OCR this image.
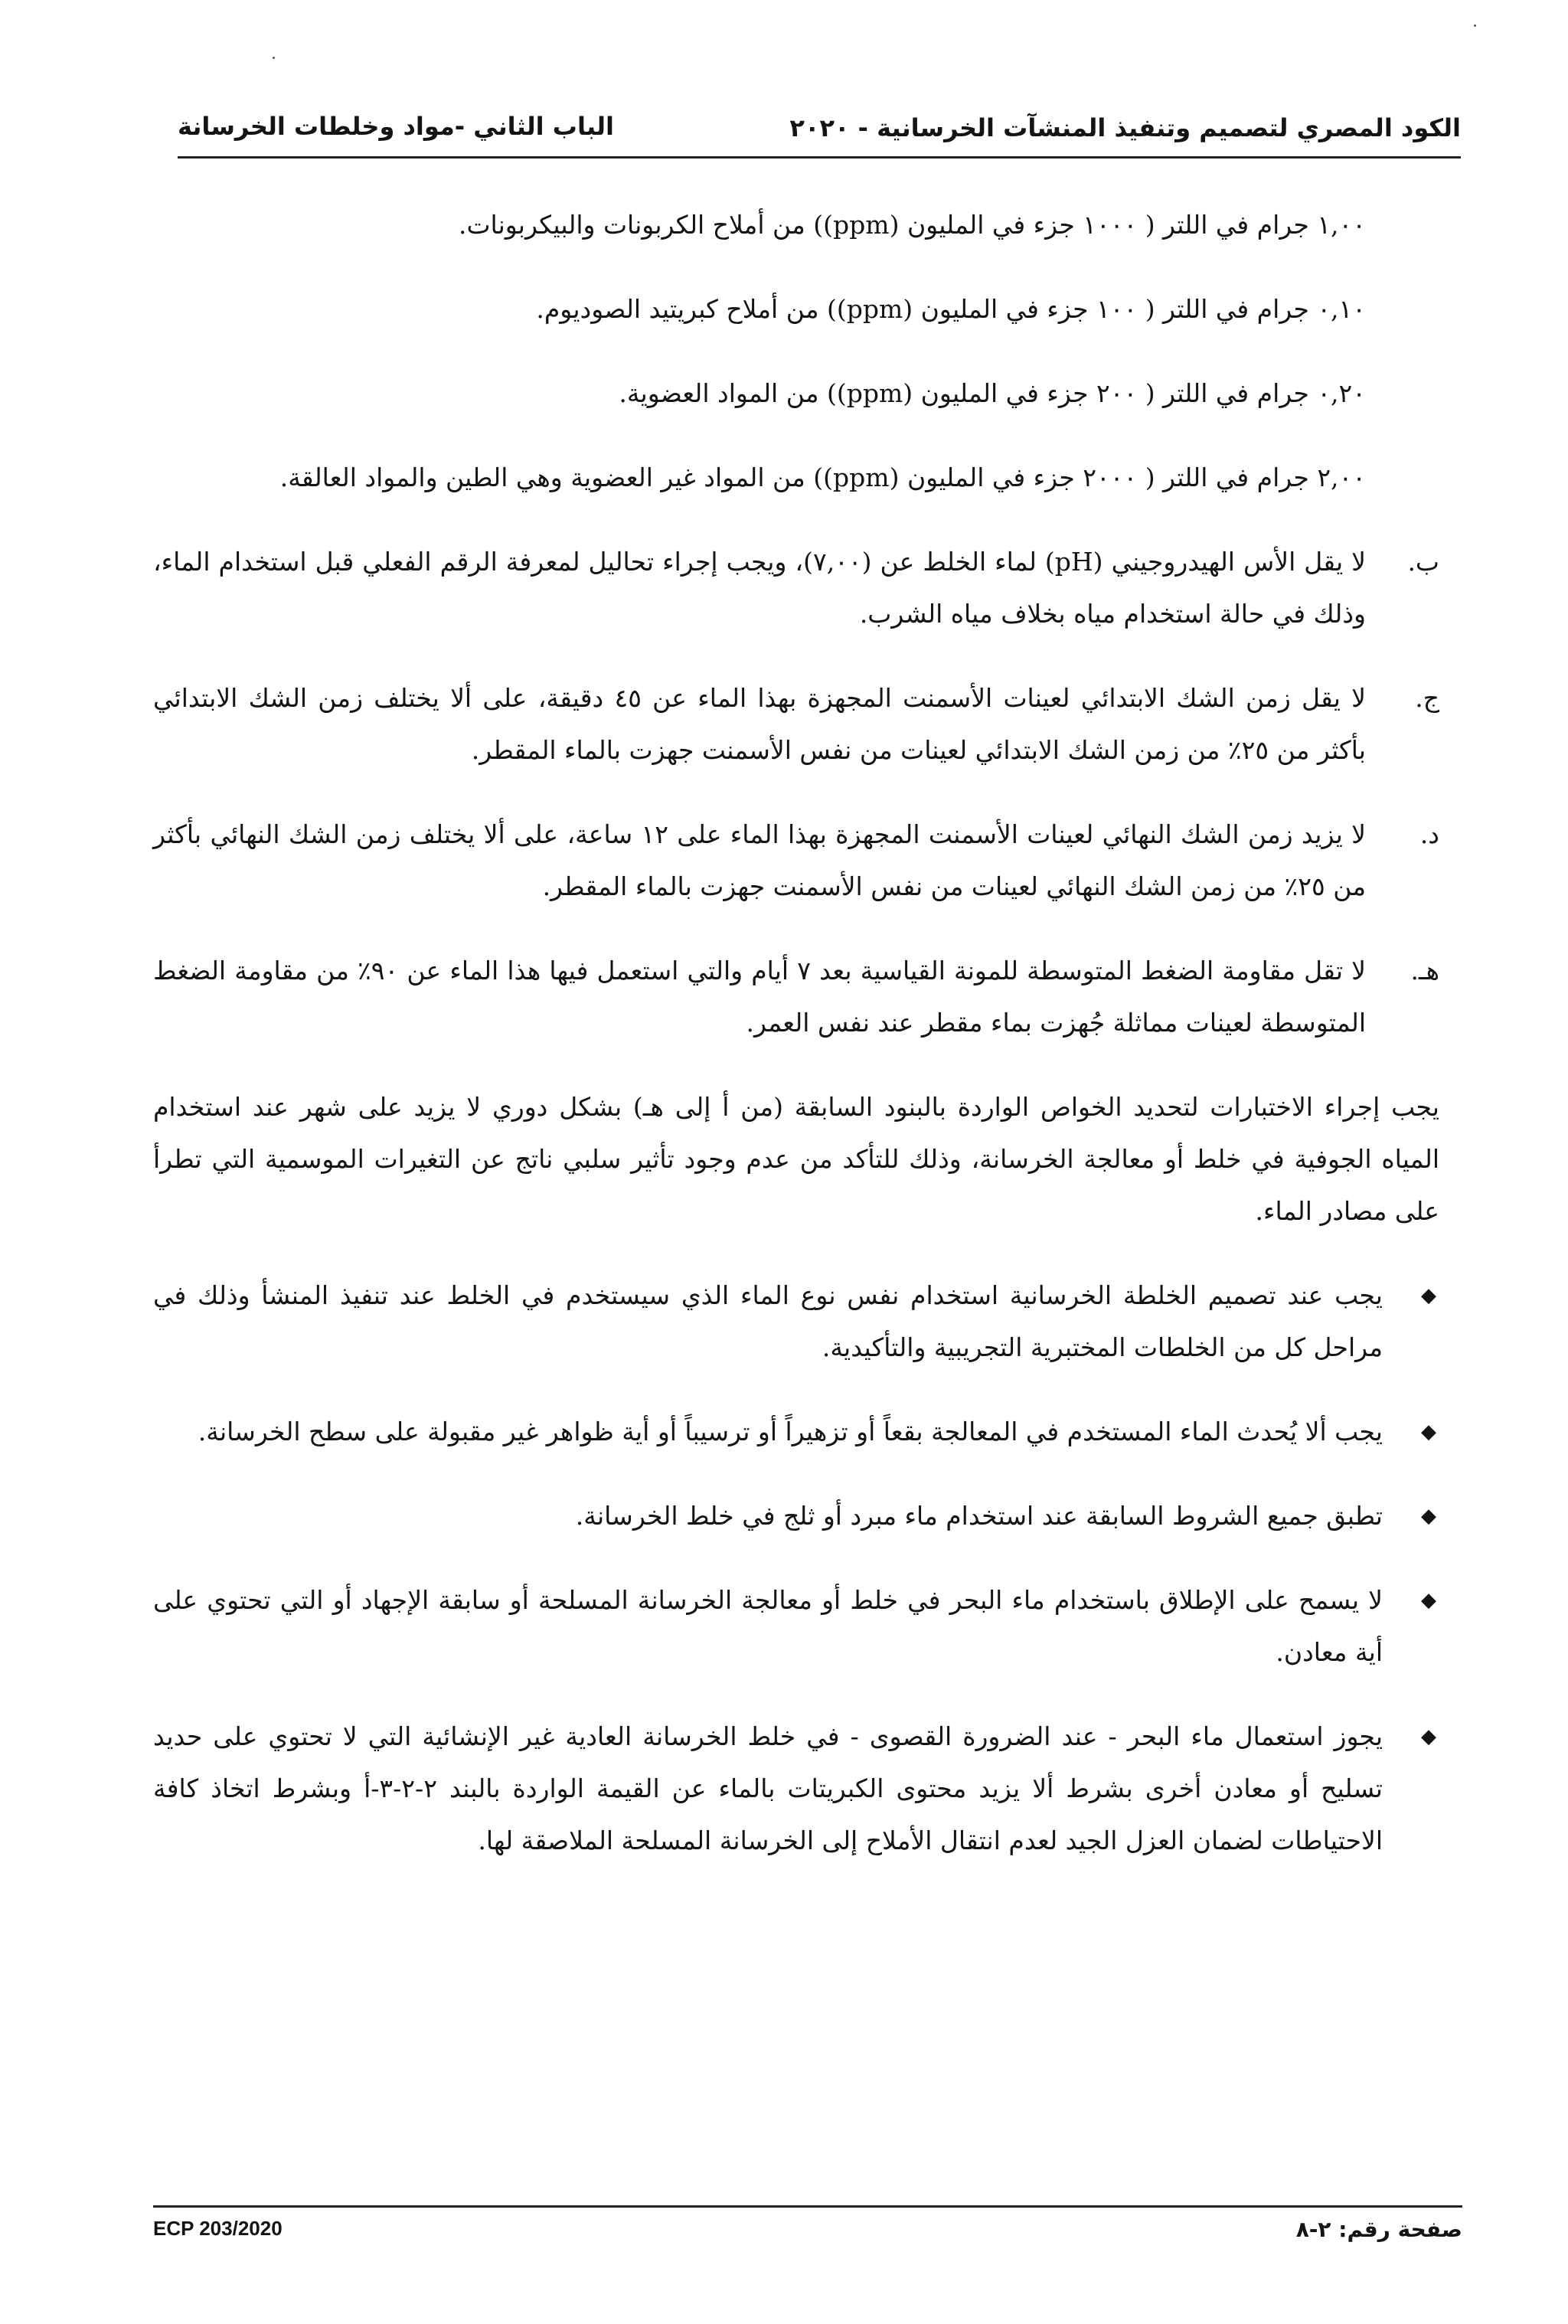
الكود المصري لتصميم وتنفيذ المنشآت الخرسانية - ٢٠٢٠
الباب الثاني -مواد وخلطات الخرسانة
١,٠٠ جرام في اللتر ( ١٠٠٠ جزء في المليون (ppm)) من أملاح الكربونات والبيكربونات.
٠,١٠ جرام في اللتر ( ١٠٠ جزء في المليون (ppm)) من أملاح كبريتيد الصوديوم.
٠,٢٠ جرام في اللتر ( ٢٠٠ جزء في المليون (ppm)) من المواد العضوية.
٢,٠٠ جرام في اللتر ( ٢٠٠٠ جزء في المليون (ppm)) من المواد غير العضوية وهي الطين والمواد العالقة.
ب.
لا يقل الأس الهيدروجيني (pH) لماء الخلط عن (٧,٠٠)، ويجب إجراء تحاليل لمعرفة الرقم الفعلي قبل استخدام الماء، وذلك في حالة استخدام مياه بخلاف مياه الشرب.
ج.
لا يقل زمن الشك الابتدائي لعينات الأسمنت المجهزة بهذا الماء عن ٤٥ دقيقة، على ألا يختلف زمن الشك الابتدائي بأكثر من ٢٥٪ من زمن الشك الابتدائي لعينات من نفس الأسمنت جهزت بالماء المقطر.
د.
لا يزيد زمن الشك النهائي لعينات الأسمنت المجهزة بهذا الماء على ١٢ ساعة، على ألا يختلف زمن الشك النهائي بأكثر من ٢٥٪ من زمن الشك النهائي لعينات من نفس الأسمنت جهزت بالماء المقطر.
هـ.
لا تقل مقاومة الضغط المتوسطة للمونة القياسية بعد ٧ أيام والتي استعمل فيها هذا الماء عن ٩٠٪ من مقاومة الضغط المتوسطة لعينات مماثلة جُهزت بماء مقطر عند نفس العمر.
يجب إجراء الاختبارات لتحديد الخواص الواردة بالبنود السابقة (من أ إلى هـ) بشكل دوري لا يزيد على شهر عند استخدام المياه الجوفية في خلط أو معالجة الخرسانة، وذلك للتأكد من عدم وجود تأثير سلبي ناتج عن التغيرات الموسمية التي تطرأ على مصادر الماء.
◆
يجب عند تصميم الخلطة الخرسانية استخدام نفس نوع الماء الذي سيستخدم في الخلط عند تنفيذ المنشأ وذلك في مراحل كل من الخلطات المختبرية التجريبية والتأكيدية.
◆
يجب ألا يُحدث الماء المستخدم في المعالجة بقعاً أو تزهيراً أو ترسيباً أو أية ظواهر غير مقبولة على سطح الخرسانة.
◆
تطبق جميع الشروط السابقة عند استخدام ماء مبرد أو ثلج في خلط الخرسانة.
◆
لا يسمح على الإطلاق باستخدام ماء البحر في خلط أو معالجة الخرسانة المسلحة أو سابقة الإجهاد أو التي تحتوي على أية معادن.
◆
يجوز استعمال ماء البحر - عند الضرورة القصوى - في خلط الخرسانة العادية غير الإنشائية التي لا تحتوي على حديد تسليح أو معادن أخرى بشرط ألا يزيد محتوى الكبريتات بالماء عن القيمة الواردة بالبند ٢-٢-٣-أ وبشرط اتخاذ كافة الاحتياطات لضمان العزل الجيد لعدم انتقال الأملاح إلى الخرسانة المسلحة الملاصقة لها.
ECP 203/2020	صفحة رقم: ٢-٨
